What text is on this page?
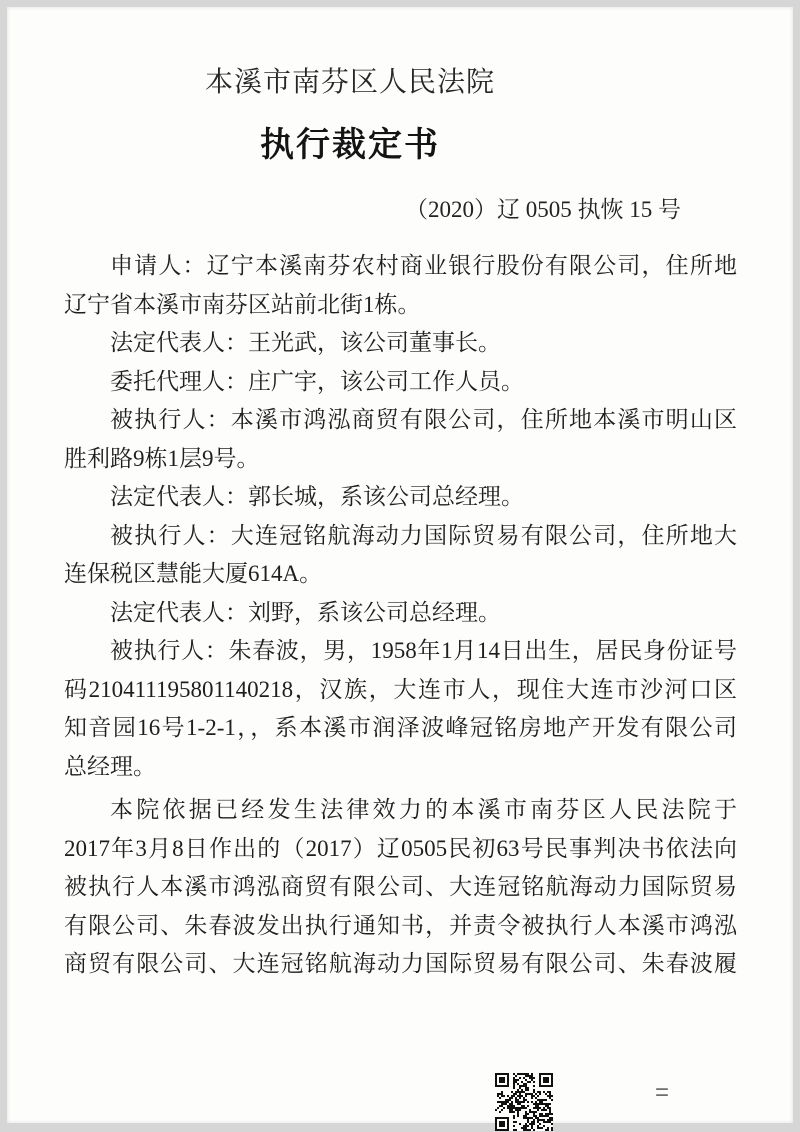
本溪市南芬区人民法院
执行裁定书
（2020）辽 0505 执恢 15 号
申请人：辽宁本溪南芬农村商业银行股份有限公司，住所地
辽宁省本溪市南芬区站前北街1栋。
法定代表人：王光武，该公司董事长。
委托代理人：庄广宇，该公司工作人员。
被执行人：本溪市鸿泓商贸有限公司，住所地本溪市明山区
胜利路9栋1层9号。
法定代表人：郭长城，系该公司总经理。
被执行人：大连冠铭航海动力国际贸易有限公司，住所地大
连保税区慧能大厦614A。
法定代表人：刘野，系该公司总经理。
被执行人：朱春波，男，1958年1月14日出生，居民身份证号
码210411195801140218，汉族，大连市人，现住大连市沙河口区
知音园16号1-2-1，，系本溪市润泽波峰冠铭房地产开发有限公司
总经理。
本院依据已经发生法律效力的本溪市南芬区人民法院于
2017年3月8日作出的（2017）辽0505民初63号民事判决书依法向
被执行人本溪市鸿泓商贸有限公司、大连冠铭航海动力国际贸易
有限公司、朱春波发出执行通知书，并责令被执行人本溪市鸿泓
商贸有限公司、大连冠铭航海动力国际贸易有限公司、朱春波履
=
